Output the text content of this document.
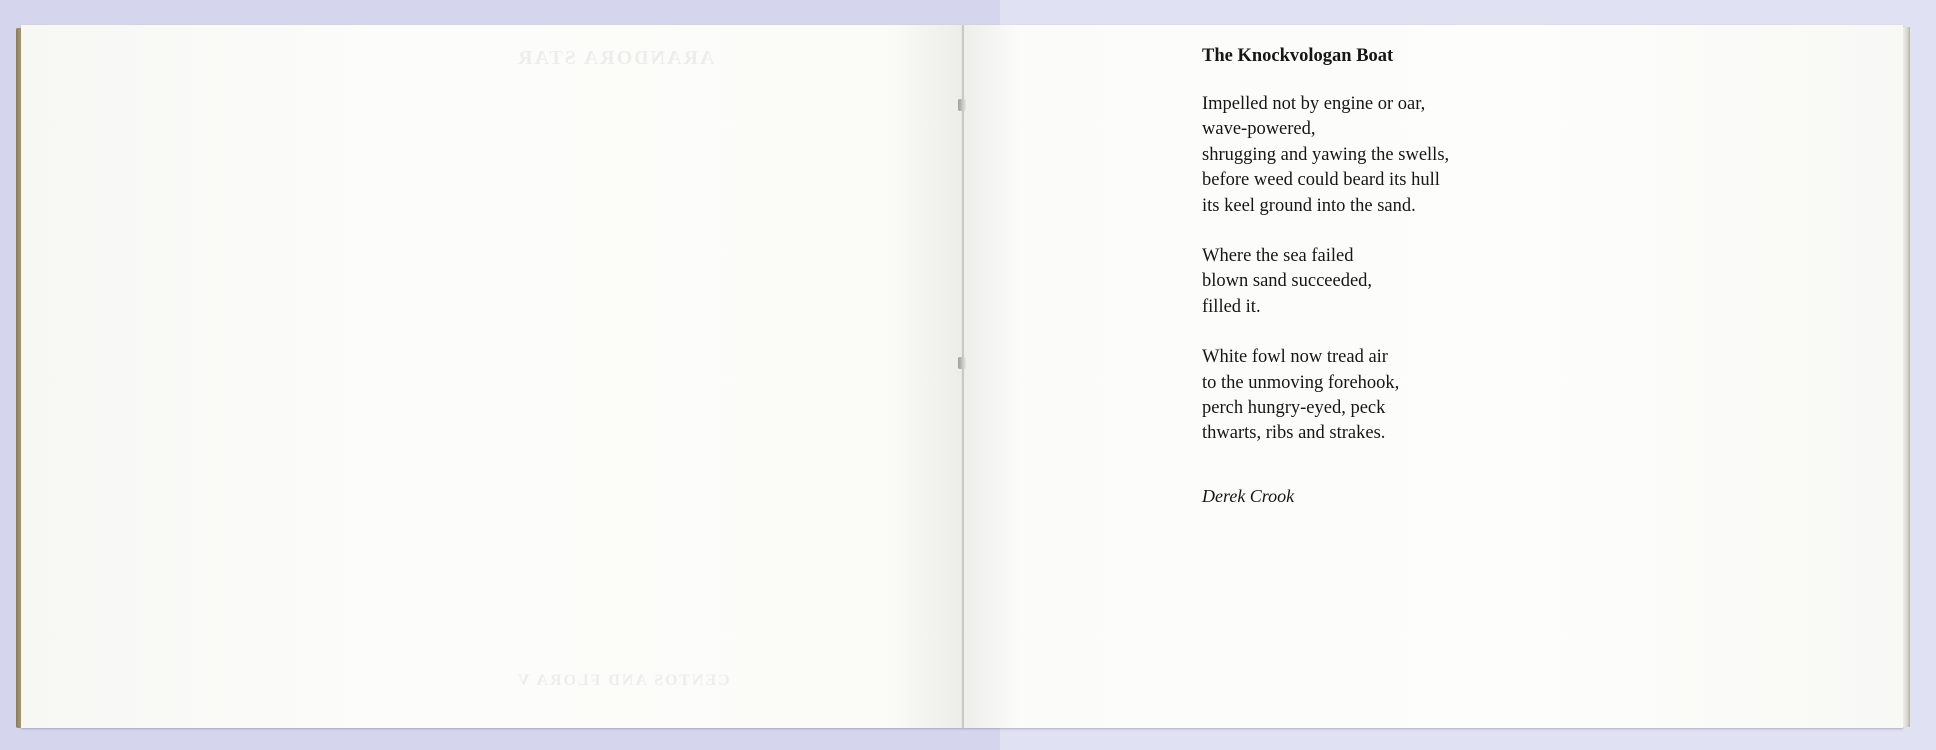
ARANDORA STAR
CENTOS AND FLORA V
The Knockvologan Boat
Impelled not by engine or oar,
wave-powered,
shrugging and yawing the swells,
before weed could beard its hull
its keel ground into the sand.
Where the sea failed
blown sand succeeded,
filled it.
White fowl now tread air
to the unmoving forehook,
perch hungry-eyed, peck
thwarts, ribs and strakes.
Derek Crook
